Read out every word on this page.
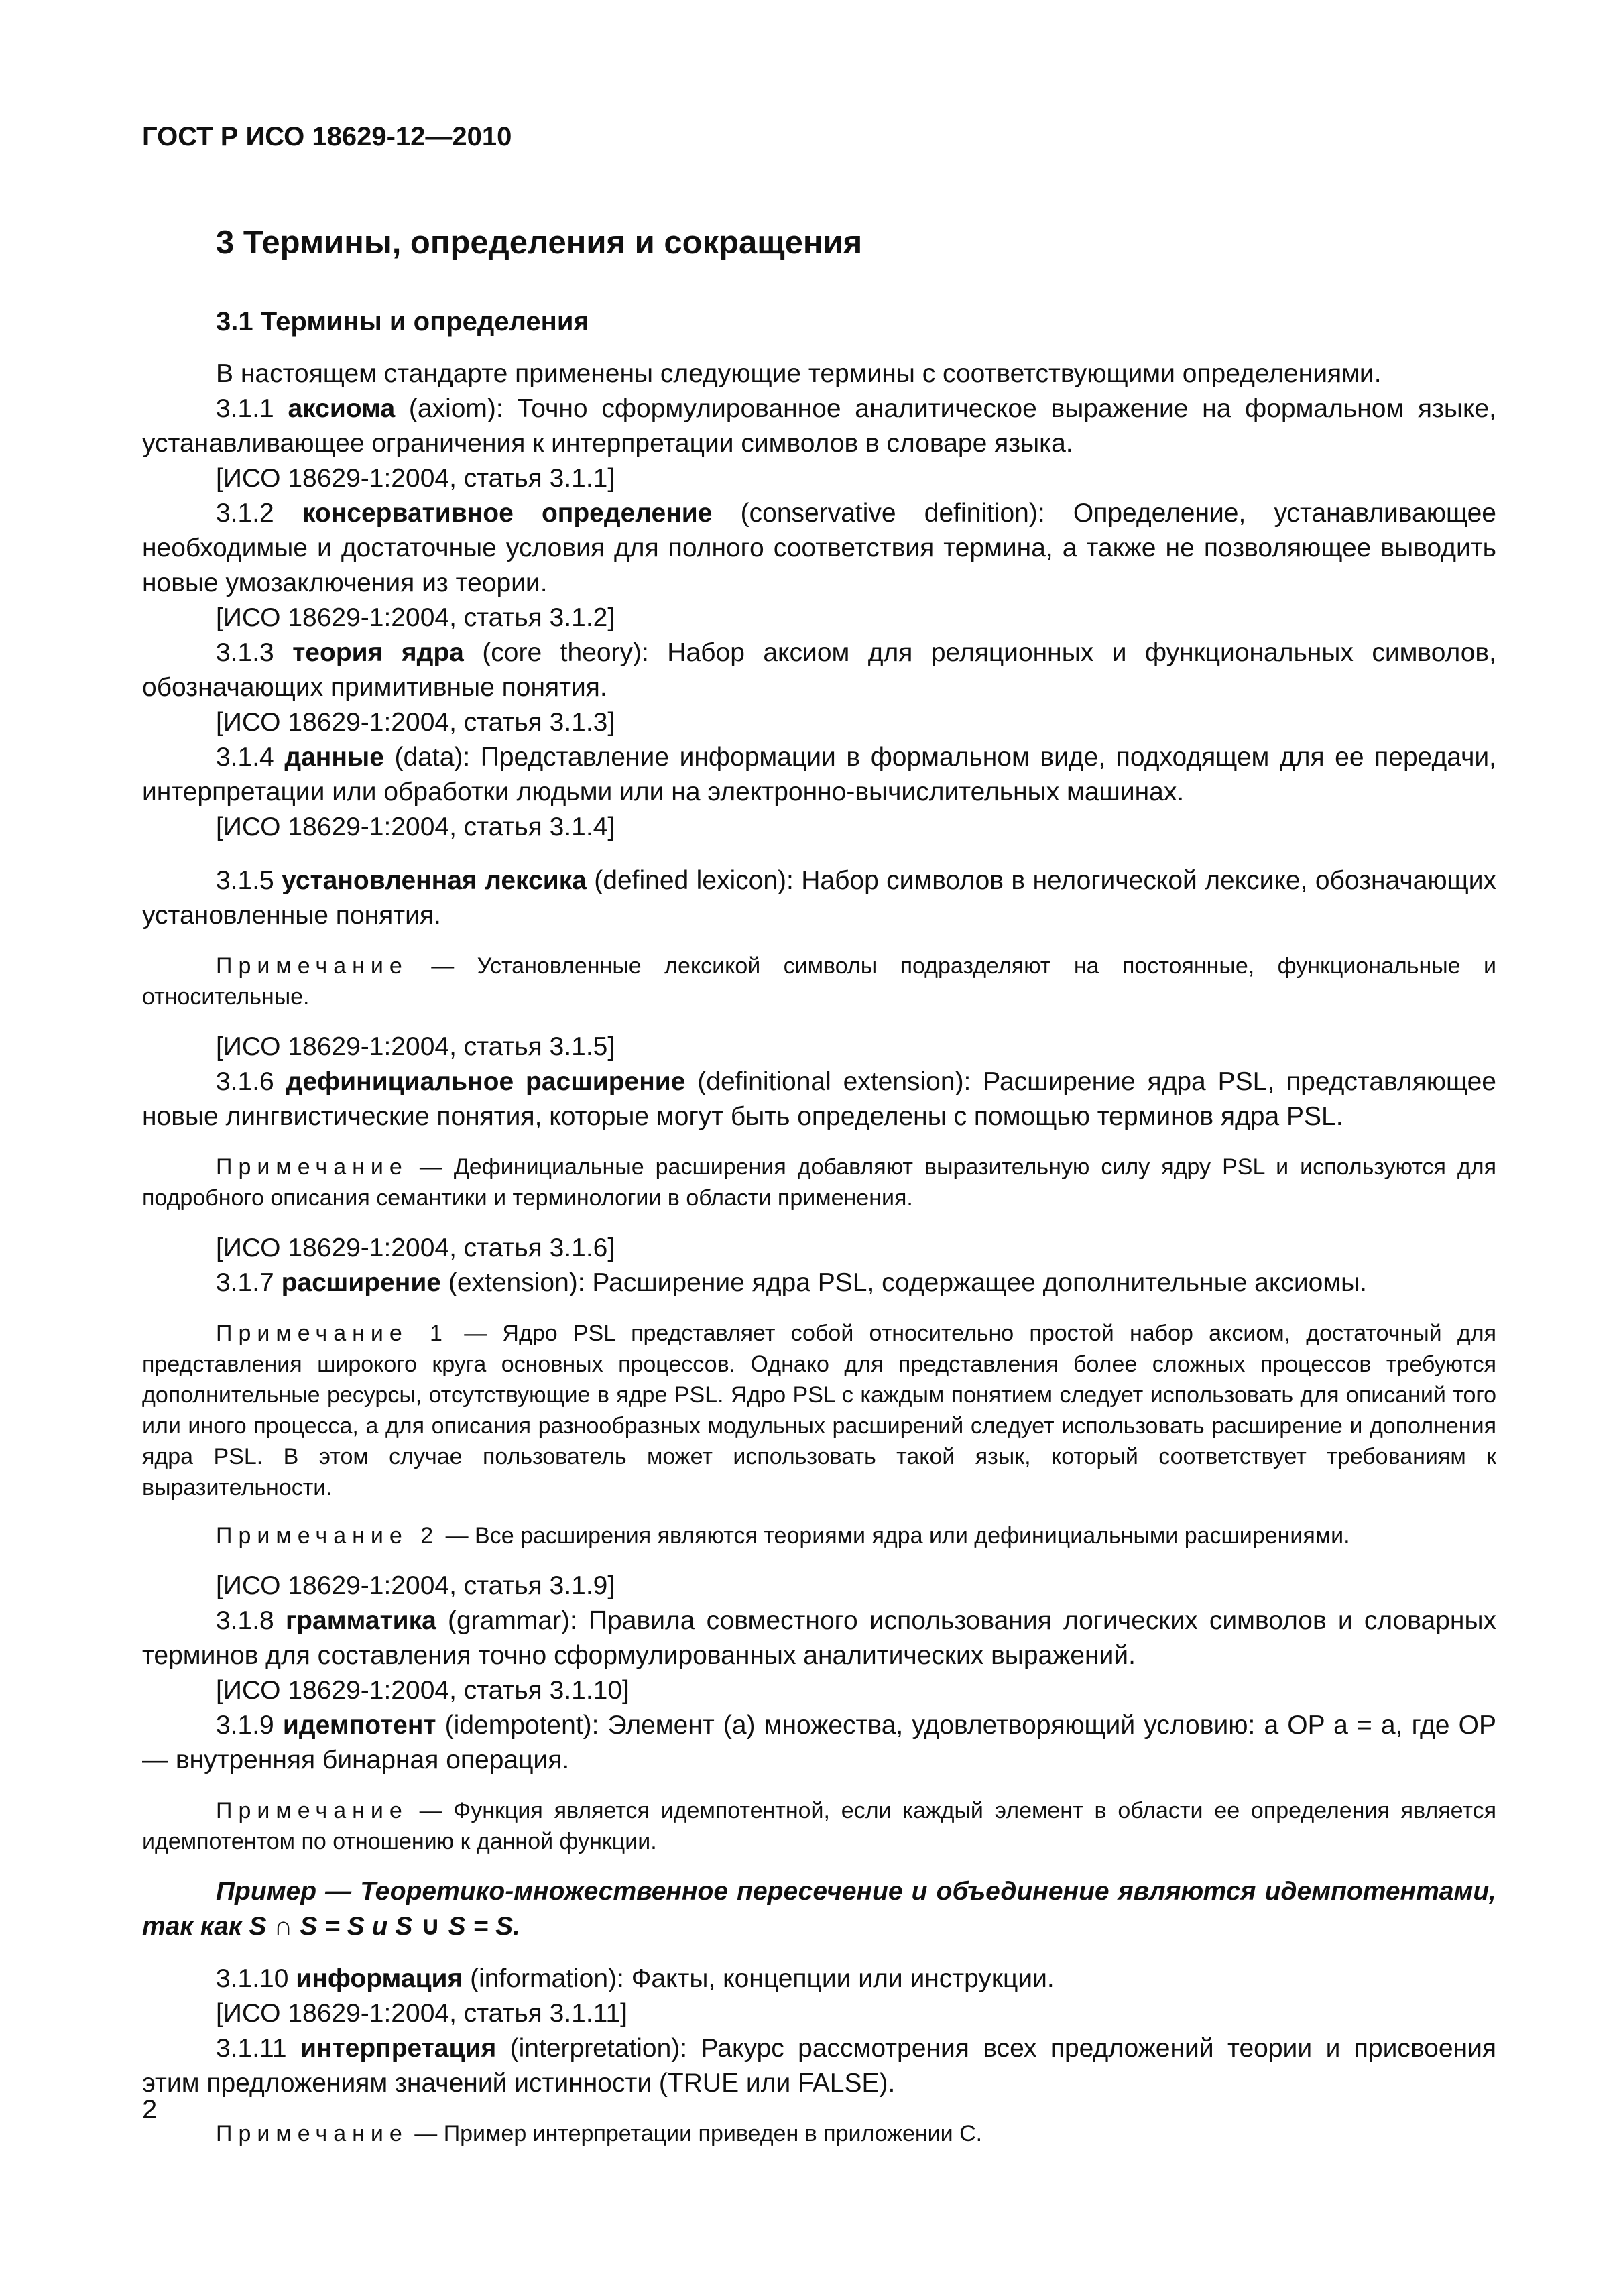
ГОСТ Р ИСО 18629-12—2010

3 Термины, определения и сокращения

3.1 Термины и определения

В настоящем стандарте применены следующие термины с соответствующими определениями.

3.1.1 аксиома (axiom): Точно сформулированное аналитическое выражение на формальном языке, устанавливающее ограничения к интерпретации символов в словаре языка.

[ИСО 18629-1:2004, статья 3.1.1]

3.1.2 консервативное определение (conservative definition): Определение, устанавливающее необходимые и достаточные условия для полного соответствия термина, а также не позволяющее выводить новые умозаключения из теории.

[ИСО 18629-1:2004, статья 3.1.2]

3.1.3 теория ядра (core theory): Набор аксиом для реляционных и функциональных символов, обозначающих примитивные понятия.

[ИСО 18629-1:2004, статья 3.1.3]

3.1.4 данные (data): Представление информации в формальном виде, подходящем для ее передачи, интерпретации или обработки людьми или на электронно-вычислительных машинах.

[ИСО 18629-1:2004, статья 3.1.4]

3.1.5 установленная лексика (defined lexicon): Набор символов в нелогической лексике, обозначающих установленные понятия.

Примечание — Установленные лексикой символы подразделяют на постоянные, функциональные и относительные.

[ИСО 18629-1:2004, статья 3.1.5]

3.1.6 дефинициальное расширение (definitional extension): Расширение ядра PSL, представляющее новые лингвистические понятия, которые могут быть определены с помощью терминов ядра PSL.

Примечание — Дефинициальные расширения добавляют выразительную силу ядру PSL и используются для подробного описания семантики и терминологии в области применения.

[ИСО 18629-1:2004, статья 3.1.6]

3.1.7 расширение (extension): Расширение ядра PSL, содержащее дополнительные аксиомы.

Примечание 1 — Ядро PSL представляет собой относительно простой набор аксиом, достаточный для представления широкого круга основных процессов. Однако для представления более сложных процессов требуются дополнительные ресурсы, отсутствующие в ядре PSL. Ядро PSL с каждым понятием следует использовать для описаний того или иного процесса, а для описания разнообразных модульных расширений следует использовать расширение и дополнения ядра PSL. В этом случае пользователь может использовать такой язык, который соответствует требованиям к выразительности.

Примечание 2 — Все расширения являются теориями ядра или дефинициальными расширениями.

[ИСО 18629-1:2004, статья 3.1.9]

3.1.8 грамматика (grammar): Правила совместного использования логических символов и словарных терминов для составления точно сформулированных аналитических выражений.

[ИСО 18629-1:2004, статья 3.1.10]

3.1.9 идемпотент (idempotent): Элемент (a) множества, удовлетворяющий условию: a OP a = a, где OP — внутренняя бинарная операция.

Примечание — Функция является идемпотентной, если каждый элемент в области ее определения является идемпотентом по отношению к данной функции.

Пример — Теоретико-множественное пересечение и объединение являются идемпотентами, так как S ∩ S = S и S ∪ S = S.

3.1.10 информация (information): Факты, концепции или инструкции.

[ИСО 18629-1:2004, статья 3.1.11]

3.1.11 интерпретация (interpretation): Ракурс рассмотрения всех предложений теории и присвоения этим предложениям значений истинности (TRUE или FALSE).

Примечание — Пример интерпретации приведен в приложении С.

2
